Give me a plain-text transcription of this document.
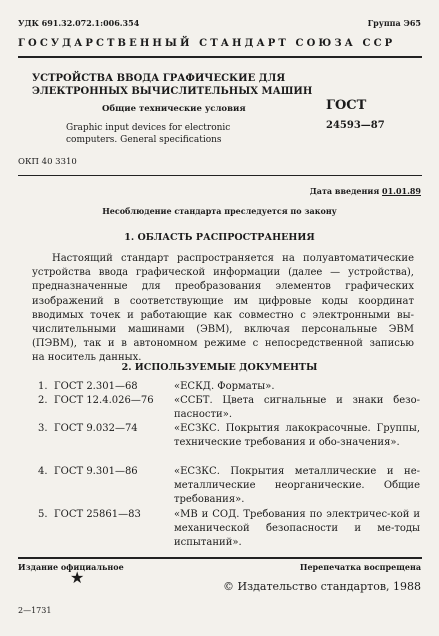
УДК 691.32.072.1:006.354	Группа Э65
ГОСУДАРСТВЕННЫЙ СТАНДАРТ СОЮЗА ССР
УСТРОЙСТВА ВВОДА ГРАФИЧЕСКИЕ ДЛЯ
ЭЛЕКТРОННЫХ ВЫЧИСЛИТЕЛЬНЫХ МАШИН
Общие технические условия
Graphic input devices for electronic
computers. General specifications
ГОСТ
24593—87
ОКП 40 3310
Дата введения 01.01.89
Несоблюдение стандарта преследуется по закону
1. ОБЛАСТЬ РАСПРОСТРАНЕНИЯ
Настоящий стандарт распространяется на полуавтоматические
устройства ввода графической информации (далее — устройства),
предназначенные для преобразования элементов графических
изображений в соответствующие им цифровые коды координат
вводимых точек и работающие как совместно с электронными вы-
числительными машинами (ЭВМ), включая персональные ЭВМ
(ПЭВМ), так и в автономном режиме с непосредственной записью
на носитель данных.
2. ИСПОЛЬЗУЕМЫЕ ДОКУМЕНТЫ
1. ГОСТ 2.301—68	«ЕСКД. Форматы».
2. ГОСТ 12.4.026—76 «ССБТ. Цвета сигнальные и знаки безо-пасности».
3. ГОСТ 9.032—74	«ЕСЗКС. Покрытия лакокрасочные. Группы, технические требования и обо-значения».
4. ГОСТ 9.301—86	«ЕСЗКС. Покрытия металлические и не-металлические неорганические. Общие требования».
5. ГОСТ 25861—83	«МВ и СОД. Требования по электричес-кой и механической безопасности и ме-тоды испытаний».
Издание официальное	Перепечатка воспрещена
★	© Издательство стандартов, 1988
2—1731
